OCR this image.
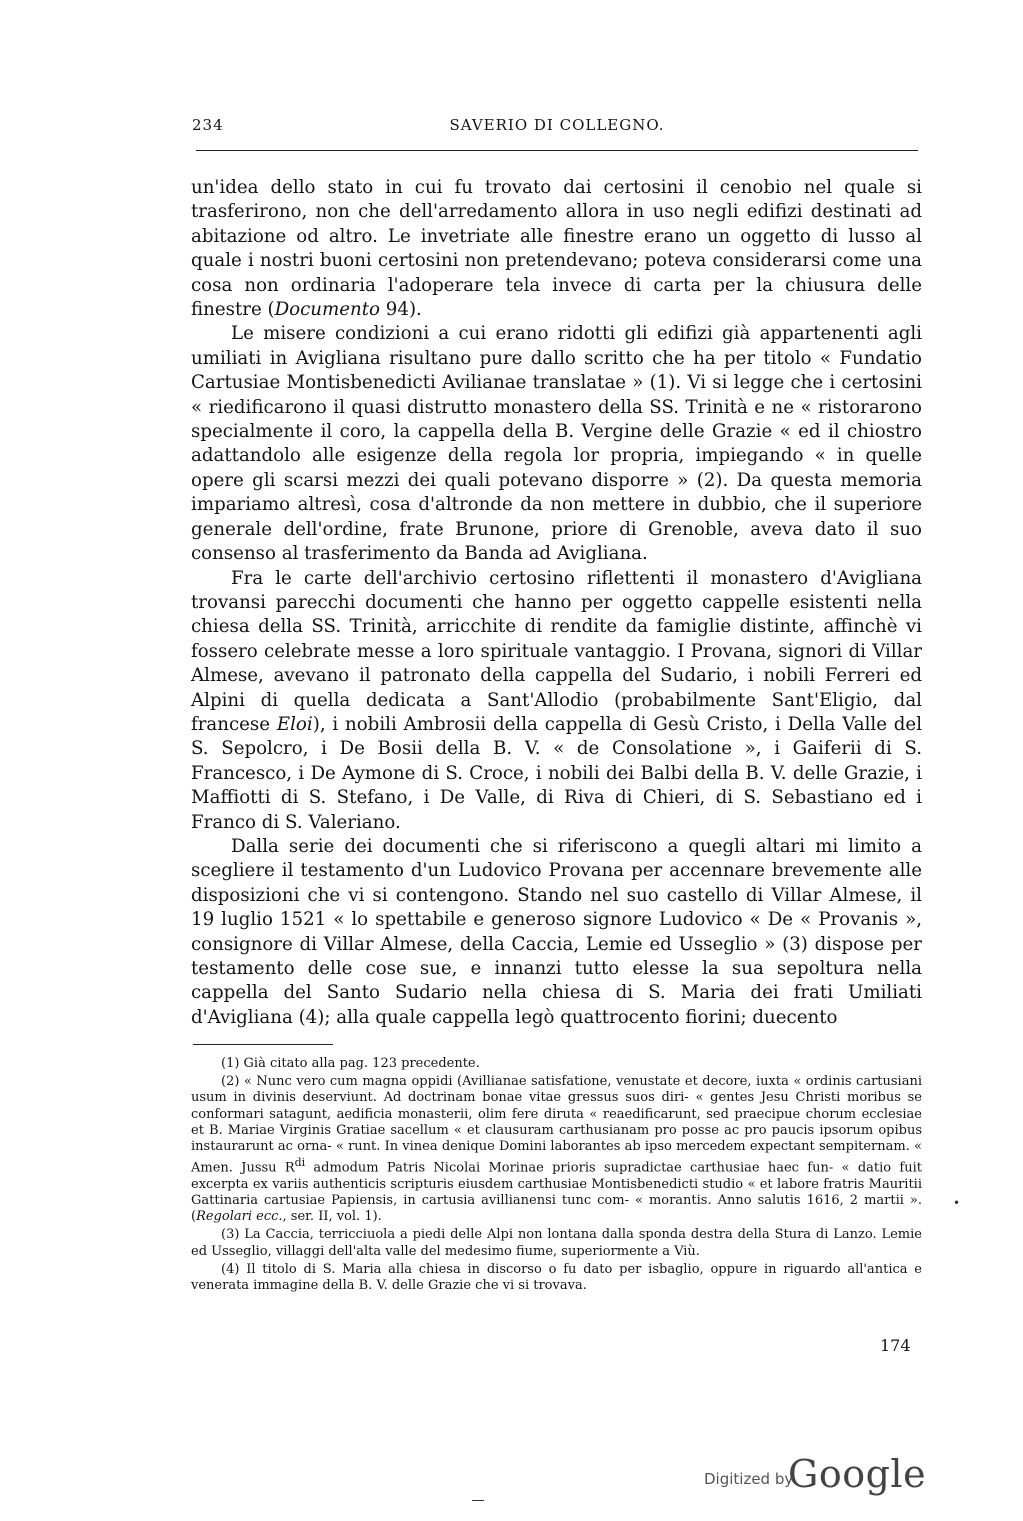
234	SAVERIO DI COLLEGNO.

un'idea dello stato in cui fu trovato dai certosini il cenobio nel quale si trasferirono, non che dell'arredamento allora in uso negli edifizi destinati ad abitazione od altro. Le invetriate alle finestre erano un oggetto di lusso al quale i nostri buoni certosini non pretendevano; poteva considerarsi come una cosa non ordinaria l'adoperare tela invece di carta per la chiusura delle finestre (Documento 94).

Le misere condizioni a cui erano ridotti gli edifizi già appartenenti agli umiliati in Avigliana risultano pure dallo scritto che ha per titolo « Fundatio Cartusiae Montisbenedicti Avilianae translatae » (1). Vi si legge che i certosini « riedificarono il quasi distrutto monastero della SS. Trinità e ne « ristorarono specialmente il coro, la cappella della B. Vergine delle Grazie « ed il chiostro adattandolo alle esigenze della regola lor propria, impiegando « in quelle opere gli scarsi mezzi dei quali potevano disporre » (2). Da questa memoria impariamo altresì, cosa d'altronde da non mettere in dubbio, che il superiore generale dell'ordine, frate Brunone, priore di Grenoble, aveva dato il suo consenso al trasferimento da Banda ad Avigliana.

Fra le carte dell'archivio certosino riflettenti il monastero d'Avigliana trovansi parecchi documenti che hanno per oggetto cappelle esistenti nella chiesa della SS. Trinità, arricchite di rendite da famiglie distinte, affinchè vi fossero celebrate messe a loro spirituale vantaggio. I Provana, signori di Villar Almese, avevano il patronato della cappella del Sudario, i nobili Ferreri ed Alpini di quella dedicata a Sant'Allodio (probabilmente Sant'Eligio, dal francese Eloi), i nobili Ambrosii della cappella di Gesù Cristo, i Della Valle del S. Sepolcro, i De Bosii della B. V. « de Consolatione », i Gaiferii di S. Francesco, i De Aymone di S. Croce, i nobili dei Balbi della B. V. delle Grazie, i Maffiotti di S. Stefano, i De Valle, di Riva di Chieri, di S. Sebastiano ed i Franco di S. Valeriano.

Dalla serie dei documenti che si riferiscono a quegli altari mi limito a scegliere il testamento d'un Ludovico Provana per accennare brevemente alle disposizioni che vi si contengono. Stando nel suo castello di Villar Almese, il 19 luglio 1521 « lo spettabile e generoso signore Ludovico « De « Provanis », consignore di Villar Almese, della Caccia, Lemie ed Usseglio » (3) dispose per testamento delle cose sue, e innanzi tutto elesse la sua sepoltura nella cappella del Santo Sudario nella chiesa di S. Maria dei frati Umiliati d'Avigliana (4); alla quale cappella legò quattrocento fiorini; duecento

(1) Già citato alla pag. 123 precedente.

(2) « Nunc vero cum magna oppidi (Avillianae satisfatione, venustate et decore, iuxta « ordinis cartusiani usum in divinis deserviunt. Ad doctrinam bonae vitae gressus suos diri- « gentes Jesu Christi moribus se conformari satagunt, aedificia monasterii, olim fere diruta « reaedificarunt, sed praecipue chorum ecclesiae et B. Mariae Virginis Gratiae sacellum « et clausuram carthusianam pro posse ac pro paucis ipsorum opibus instaurarunt ac orna- « runt. In vinea denique Domini laborantes ab ipso mercedem expectant sempiternam. « Amen. Jussu $R^{di}$ admodum Patris Nicolai Morinae prioris supradictae carthusiae haec fun- « datio fuit excerpta ex variis authenticis scripturis eiusdem carthusiae Montisbenedicti studio « et labore fratris Mauritii Gattinaria cartusiae Papiensis, in cartusia avillianensi tunc com- « morantis. Anno salutis 1616, 2 martii ». (Regolari ecc., ser. II, vol. 1).

(3) La Caccia, terricciuola a piedi delle Alpi non lontana dalla sponda destra della Stura di Lanzo. Lemie ed Usseglio, villaggi dell'alta valle del medesimo fiume, superiormente a Viù.

(4) Il titolo di S. Maria alla chiesa in discorso o fu dato per isbaglio, oppure in riguardo all'antica e venerata immagine della B. V. delle Grazie che vi si trovava.

174
•
Digitized by
Google
